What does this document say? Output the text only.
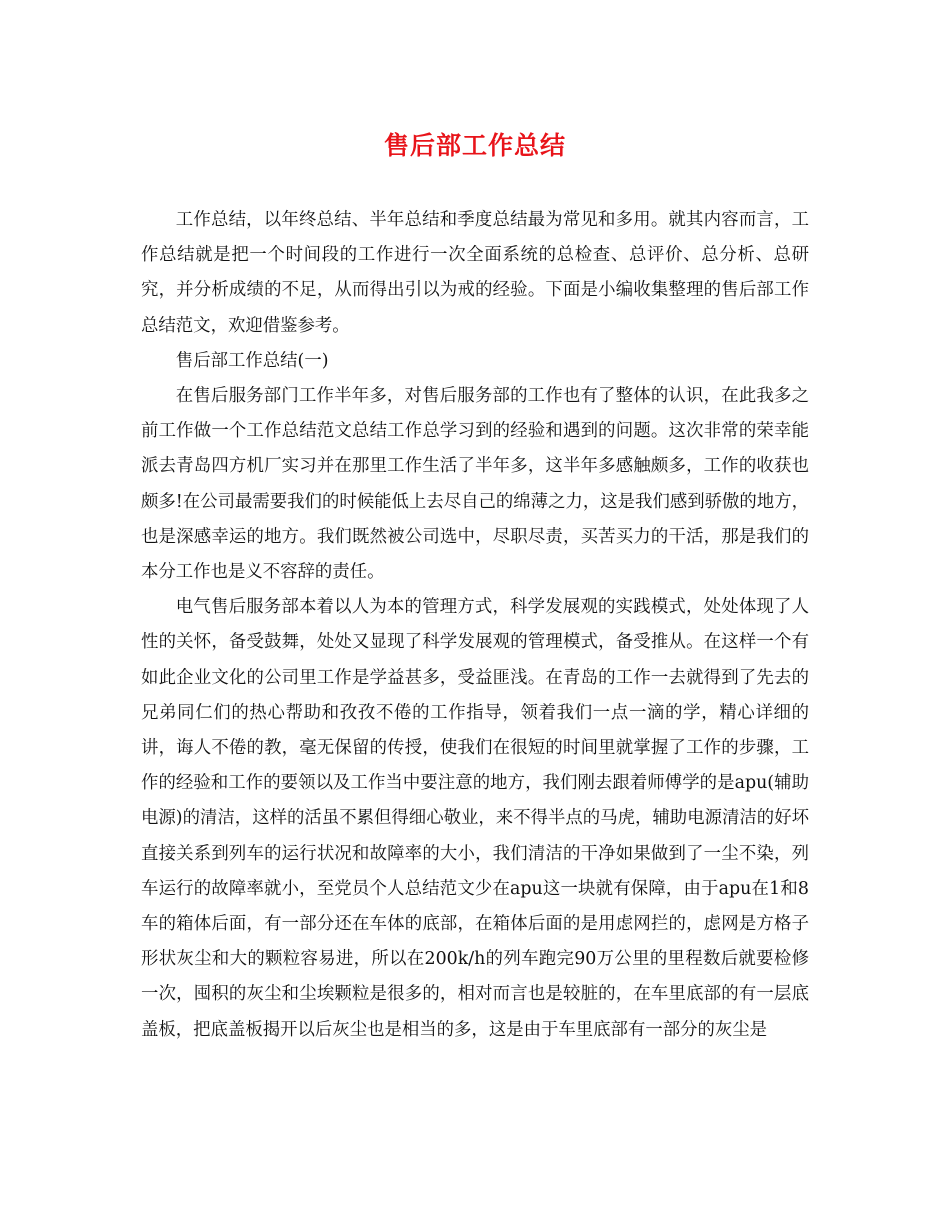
售后部工作总结

工作总结，以年终总结、半年总结和季度总结最为常见和多用。就其内容而言，工作总结就是把一个时间段的工作进行一次全面系统的总检查、总评价、总分析、总研究，并分析成绩的不足，从而得出引以为戒的经验。下面是小编收集整理的售后部工作总结范文，欢迎借鉴参考。

售后部工作总结(一)

在售后服务部门工作半年多，对售后服务部的工作也有了整体的认识，在此我多之前工作做一个工作总结范文总结工作总学习到的经验和遇到的问题。这次非常的荣幸能派去青岛四方机厂实习并在那里工作生活了半年多，这半年多感触颇多，工作的收获也颇多!在公司最需要我们的时候能低上去尽自己的绵薄之力，这是我们感到骄傲的地方，也是深感幸运的地方。我们既然被公司选中，尽职尽责，买苦买力的干活，那是我们的本分工作也是义不容辞的责任。

电气售后服务部本着以人为本的管理方式，科学发展观的实践模式，处处体现了人性的关怀，备受鼓舞，处处又显现了科学发展观的管理模式，备受推从。在这样一个有如此企业文化的公司里工作是学益甚多，受益匪浅。在青岛的工作一去就得到了先去的兄弟同仁们的热心帮助和孜孜不倦的工作指导，领着我们一点一滴的学，精心详细的讲，诲人不倦的教，毫无保留的传授，使我们在很短的时间里就掌握了工作的步骤，工作的经验和工作的要领以及工作当中要注意的地方，我们刚去跟着师傅学的是apu(辅助电源)的清洁，这样的活虽不累但得细心敬业，来不得半点的马虎，辅助电源清洁的好坏直接关系到列车的运行状况和故障率的大小，我们清洁的干净如果做到了一尘不染，列车运行的故障率就小，至党员个人总结范文少在apu这一块就有保障，由于apu在1和8车的箱体后面，有一部分还在车体的底部，在箱体后面的是用虑网拦的，虑网是方格子形状灰尘和大的颗粒容易进，所以在200k/h的列车跑完90万公里的里程数后就要检修一次，囤积的灰尘和尘埃颗粒是很多的，相对而言也是较脏的，在车里底部的有一层底盖板，把底盖板揭开以后灰尘也是相当的多，这是由于车里底部有一部分的灰尘是
